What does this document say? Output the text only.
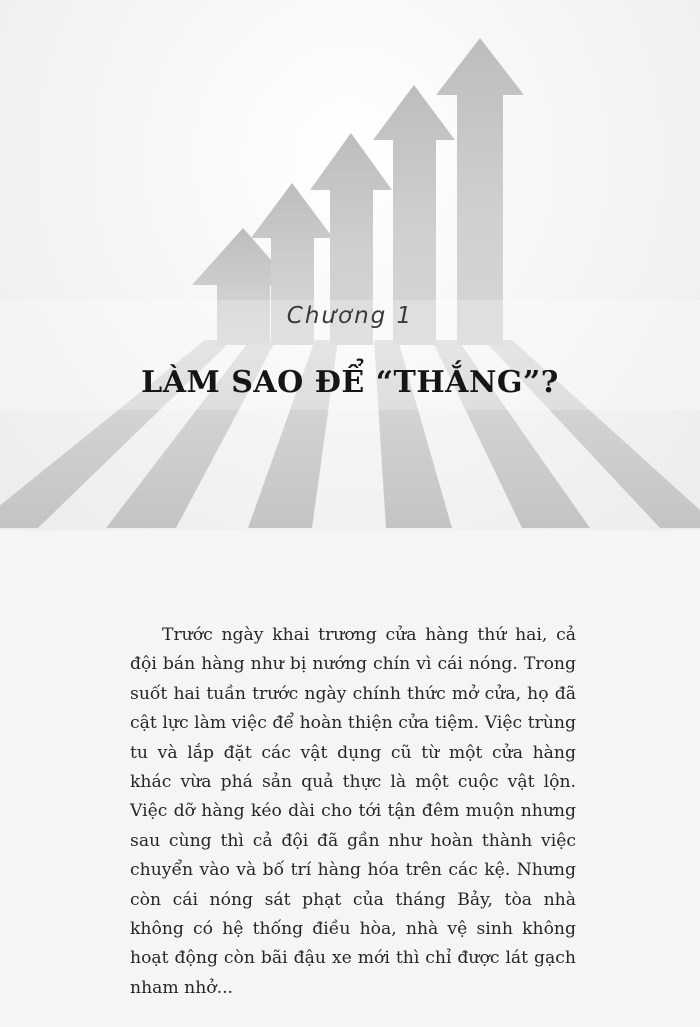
Chương 1
LÀM SAO ĐỂ “THẮNG”?

Trước ngày khai trương cửa hàng thứ hai, cả đội bán hàng như bị nướng chín vì cái nóng. Trong suốt hai tuần trước ngày chính thức mở cửa, họ đã cật lực làm việc để hoàn thiện cửa tiệm. Việc trùng tu và lắp đặt các vật dụng cũ từ một cửa hàng khác vừa phá sản quả thực là một cuộc vật lộn. Việc dỡ hàng kéo dài cho tới tận đêm muộn nhưng sau cùng thì cả đội đã gần như hoàn thành việc chuyển vào và bố trí hàng hóa trên các kệ. Nhưng còn cái nóng sát phạt của tháng Bảy, tòa nhà không có hệ thống điều hòa, nhà vệ sinh không hoạt động còn bãi đậu xe mới thì chỉ được lát gạch nham nhở...
